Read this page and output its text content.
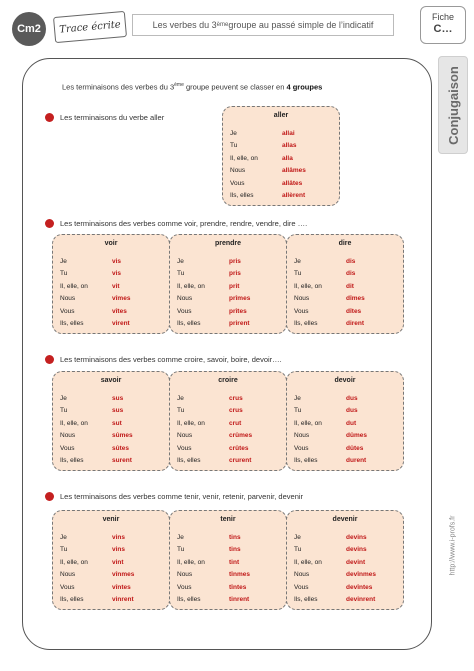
Cm2	Trace écrite	Les verbes du 3 ème groupe au passé simple de l’indicatif
Fiche
C…
Conjugaison
http://www.i-profs.fr
Les terminaisons des verbes du 3ème groupe peuvent se classer en 4 groupes
Les terminaisons du verbe aller	aller
Je	allai
Tu	allas
Il, elle, on	alla
Nous	allâmes
Vous	allâtes
Ils, elles	allèrent
Les terminaisons des verbes comme voir, prendre, rendre, vendre, dire ….
voir
Je	vis
Tu	vis
Il, elle, on	vit
Nous	vîmes
Vous	vîtes
Ils, elles	virent
prendre
Je	pris
Tu	pris
Il, elle, on	prit
Nous	prîmes
Vous	prîtes
Ils, elles	prirent
dire
Je	dis
Tu	dis
Il, elle, on	dit
Nous	dîmes
Vous	dîtes
Ils, elles	dirent
Les terminaisons des verbes comme croire, savoir, boire, devoir….
savoir
Je	sus
Tu	sus
Il, elle, on	sut
Nous	sûmes
Vous	sûtes
Ils, elles	surent
croire
Je	crus
Tu	crus
Il, elle, on	crut
Nous	crûmes
Vous	crûtes
Ils, elles	crurent
devoir
Je	dus
Tu	dus
Il, elle, on	dut
Nous	dûmes
Vous	dûtes
Ils, elles	durent
Les terminaisons des verbes comme tenir, venir, retenir, parvenir, devenir
venir
Je	vins
Tu	vins
Il, elle, on	vint
Nous	vînmes
Vous	vîntes
Ils, elles	vinrent
tenir
Je	tins
Tu	tins
Il, elle, on	tint
Nous	tînmes
Vous	tîntes
Ils, elles	tinrent
devenir
Je	devins
Tu	devins
Il, elle, on	devint
Nous	devînmes
Vous	devîntes
Ils, elles	devinrent
